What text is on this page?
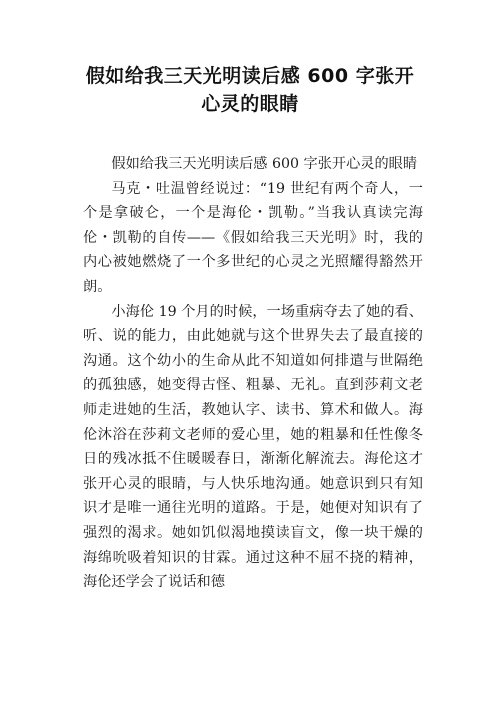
假如给我三天光明读后感 600 字张开
心灵的眼睛

假如给我三天光明读后感 600 字张开心灵的眼睛

马克・吐温曾经说过：“19 世纪有两个奇人，一个是拿破仑，一个是海伦・凯勒。”当我认真读完海伦・凯勒的自传——《假如给我三天光明》时，我的内心被她燃烧了一个多世纪的心灵之光照耀得豁然开朗。

小海伦 19 个月的时候，一场重病夺去了她的看、听、说的能力，由此她就与这个世界失去了最直接的沟通。这个幼小的生命从此不知道如何排遣与世隔绝的孤独感，她变得古怪、粗暴、无礼。直到莎莉文老师走进她的生活，教她认字、读书、算术和做人。海伦沐浴在莎莉文老师的爱心里，她的粗暴和任性像冬日的残冰抵不住暖暖春日，渐渐化解流去。海伦这才张开心灵的眼睛，与人快乐地沟通。她意识到只有知识才是唯一通往光明的道路。于是，她便对知识有了强烈的渴求。她如饥似渴地摸读盲文，像一块干燥的海绵吮吸着知识的甘霖。通过这种不屈不挠的精神，海伦还学会了说话和德
